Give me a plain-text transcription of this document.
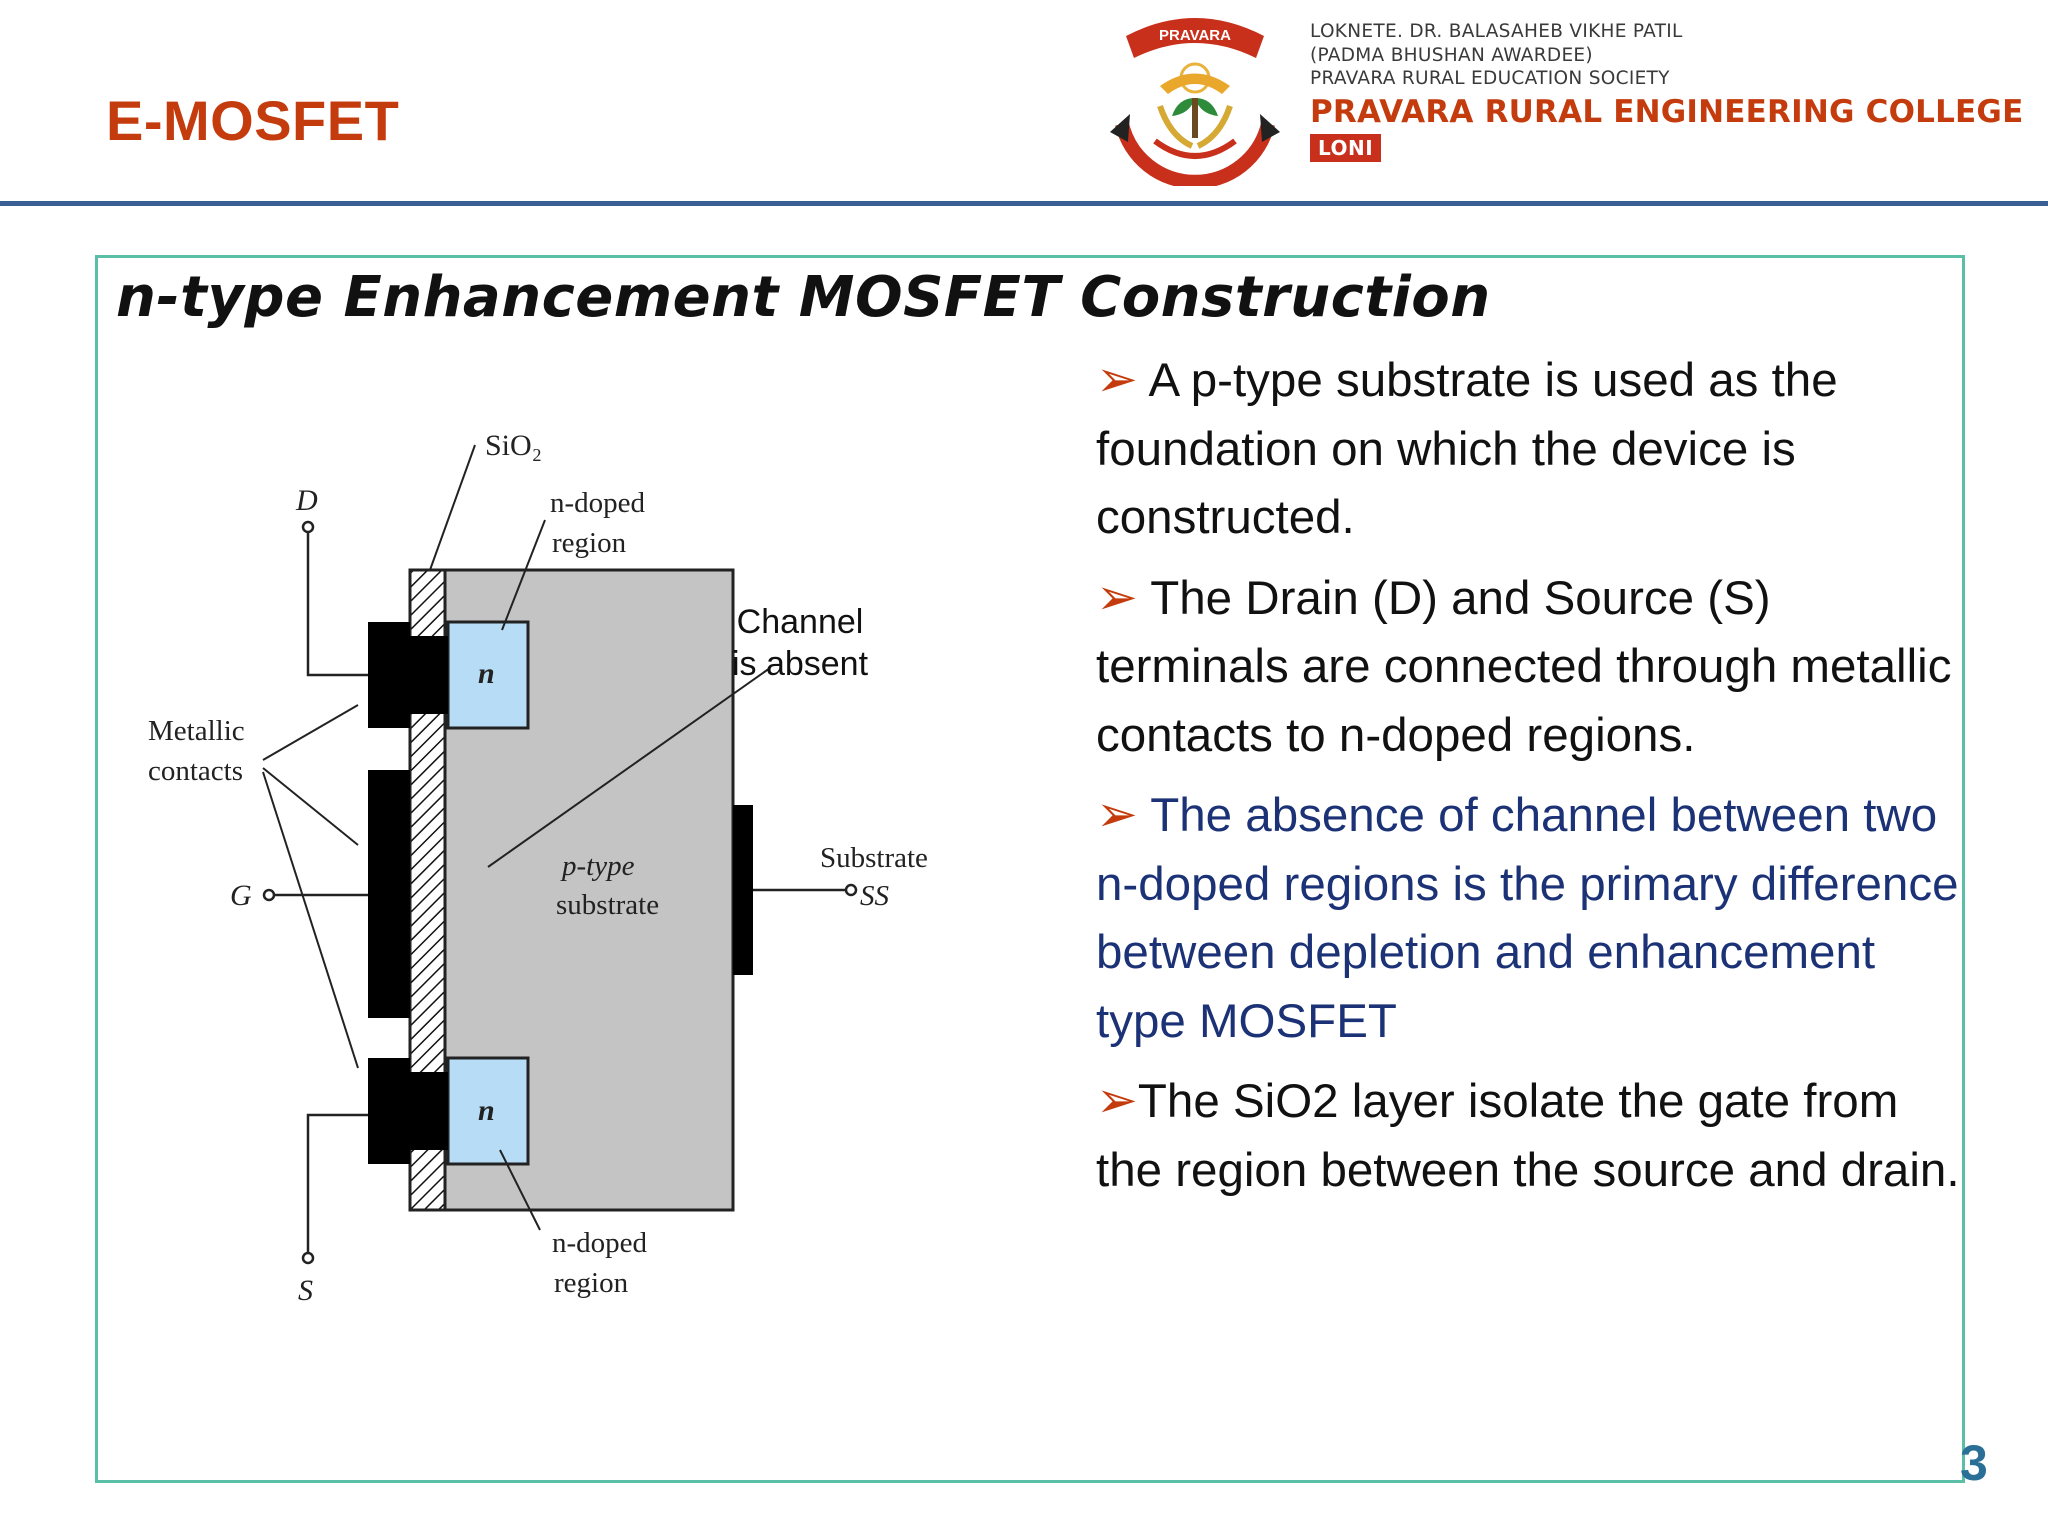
E-MOSFET
PRAVARA	LOKNETE. DR. BALASAHEB VIKHE PATIL
(PADMA BHUSHAN AWARDEE)
PRAVARA RURAL EDUCATION SOCIETY
PRAVARA RURAL ENGINEERING COLLEGE
LONI
n-type Enhancement MOSFET Construction
n
n
SiO₂
D	n-doped
region
Channel
is absent
Metallic
contacts
p-type
substrate
Substrate
SS
G
S
n-doped
region

➢ A p-type substrate is used as the foundation on which the device is constructed.

➢ The Drain (D) and Source (S) terminals are connected through metallic contacts to n-doped regions.

➢ The absence of channel between two n-doped regions is the primary difference between depletion and enhancement type MOSFET

➢The SiO2 layer isolate the gate from the region between the source and drain.

3
